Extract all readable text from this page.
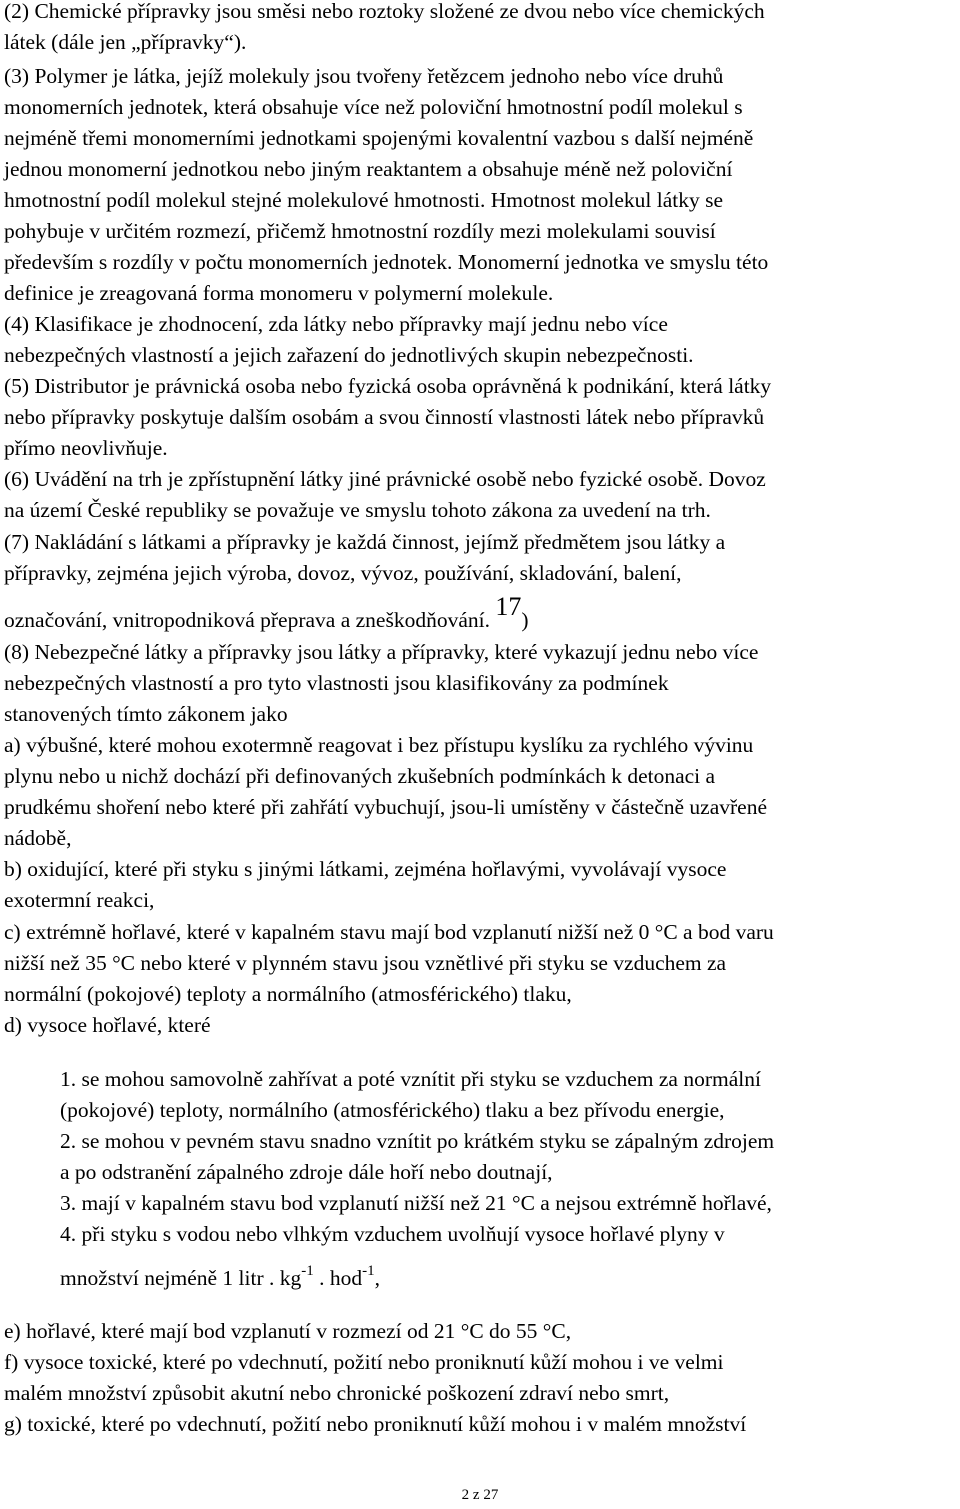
(2) Chemické přípravky jsou směsi nebo roztoky složené ze dvou nebo více chemických
látek (dále jen „přípravky“).
(3) Polymer je látka, jejíž molekuly jsou tvořeny řetězcem jednoho nebo více druhů
monomerních jednotek, která obsahuje více než poloviční hmotnostní podíl molekul s
nejméně třemi monomerními jednotkami spojenými kovalentní vazbou s další nejméně
jednou monomerní jednotkou nebo jiným reaktantem a obsahuje méně než poloviční
hmotnostní podíl molekul stejné molekulové hmotnosti. Hmotnost molekul látky se
pohybuje v určitém rozmezí, přičemž hmotnostní rozdíly mezi molekulami souvisí
především s rozdíly v počtu monomerních jednotek. Monomerní jednotka ve smyslu této
definice je zreagovaná forma monomeru v polymerní molekule.
(4) Klasifikace je zhodnocení, zda látky nebo přípravky mají jednu nebo více
nebezpečných vlastností a jejich zařazení do jednotlivých skupin nebezpečnosti.
(5) Distributor je právnická osoba nebo fyzická osoba oprávněná k podnikání, která látky
nebo přípravky poskytuje dalším osobám a svou činností vlastnosti látek nebo přípravků
přímo neovlivňuje.
(6) Uvádění na trh je zpřístupnění látky jiné právnické osobě nebo fyzické osobě. Dovoz
na území České republiky se považuje ve smyslu tohoto zákona za uvedení na trh.
(7) Nakládání s látkami a přípravky je každá činnost, jejímž předmětem jsou látky a
přípravky, zejména jejich výroba, dovoz, vývoz, používání, skladování, balení,
označování, vnitropodniková přeprava a zneškodňování. 17)
(8) Nebezpečné látky a přípravky jsou látky a přípravky, které vykazují jednu nebo více
nebezpečných vlastností a pro tyto vlastnosti jsou klasifikovány za podmínek
stanovených tímto zákonem jako
a) výbušné, které mohou exotermně reagovat i bez přístupu kyslíku za rychlého vývinu
plynu nebo u nichž dochází při definovaných zkušebních podmínkách k detonaci a
prudkému shoření nebo které při zahřátí vybuchují, jsou-li umístěny v částečně uzavřené
nádobě,
b) oxidující, které při styku s jinými látkami, zejména hořlavými, vyvolávají vysoce
exotermní reakci,
c) extrémně hořlavé, které v kapalném stavu mají bod vzplanutí nižší než 0 °C a bod varu
nižší než 35 °C nebo které v plynném stavu jsou vznětlivé při styku se vzduchem za
normální (pokojové) teploty a normálního (atmosférického) tlaku,
d) vysoce hořlavé, které
1. se mohou samovolně zahřívat a poté vznítit při styku se vzduchem za normální
(pokojové) teploty, normálního (atmosférického) tlaku a bez přívodu energie,
2. se mohou v pevném stavu snadno vznítit po krátkém styku se zápalným zdrojem
a po odstranění zápalného zdroje dále hoří nebo doutnají,
3. mají v kapalném stavu bod vzplanutí nižší než 21 °C a nejsou extrémně hořlavé,
4. při styku s vodou nebo vlhkým vzduchem uvolňují vysoce hořlavé plyny v
množství nejméně 1 litr . $kg^{-1}$ . hod$^{-1}$,
e) hořlavé, které mají bod vzplanutí v rozmezí od 21 °C do 55 °C,
f) vysoce toxické, které po vdechnutí, požití nebo proniknutí kůží mohou i ve velmi
malém množství způsobit akutní nebo chronické poškození zdraví nebo smrt,
g) toxické, které po vdechnutí, požití nebo proniknutí kůží mohou i v malém množství
2 z 27
